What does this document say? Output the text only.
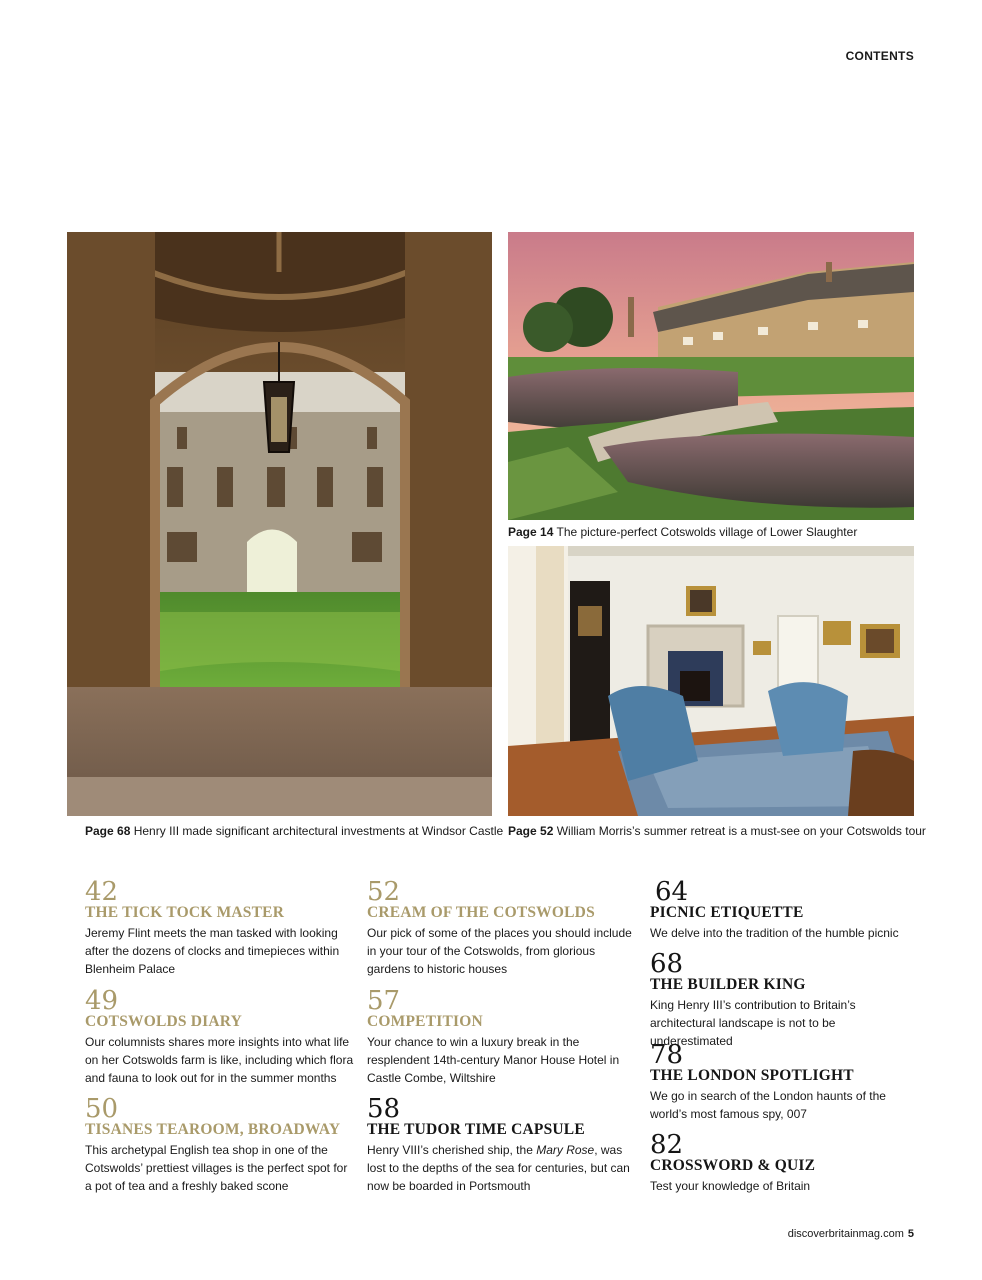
CONTENTS
Page 14 The picture-perfect Cotswolds village of Lower Slaughter
Page 68 Henry III made significant architectural investments at Windsor Castle Page 52 William Morris’s summer retreat is a must-see on your Cotswolds tour
42
THE TICK TOCK MASTER
Jeremy Flint meets the man tasked with looking after the dozens of clocks and timepieces within Blenheim Palace
49
COTSWOLDS DIARY
Our columnists shares more insights into what life on her Cotswolds farm is like, including which flora and fauna to look out for in the summer months
50
TISANES TEAROOM, BROADWAY
This archetypal English tea shop in one of the Cotswolds’ prettiest villages is the perfect spot for a pot of tea and a freshly baked scone
52
CREAM OF THE COTSWOLDS
Our pick of some of the places you should include in your tour of the Cotswolds, from glorious gardens to historic houses
57
COMPETITION
Your chance to win a luxury break in the resplendent 14th-century Manor House Hotel in Castle Combe, Wiltshire
58
THE TUDOR TIME CAPSULE
Henry VIII’s cherished ship, the Mary Rose, was lost to the depths of the sea for centuries, but can now be boarded in Portsmouth
64
PICNIC ETIQUETTE
We delve into the tradition of the humble picnic
68
THE BUILDER KING
King Henry III’s contribution to Britain’s architectural landscape is not to be underestimated
78
THE LONDON SPOTLIGHT
We go in search of the London haunts of the world’s most famous spy, 007
82
CROSSWORD & QUIZ
Test your knowledge of Britain
discoverbritainmag.com 5
